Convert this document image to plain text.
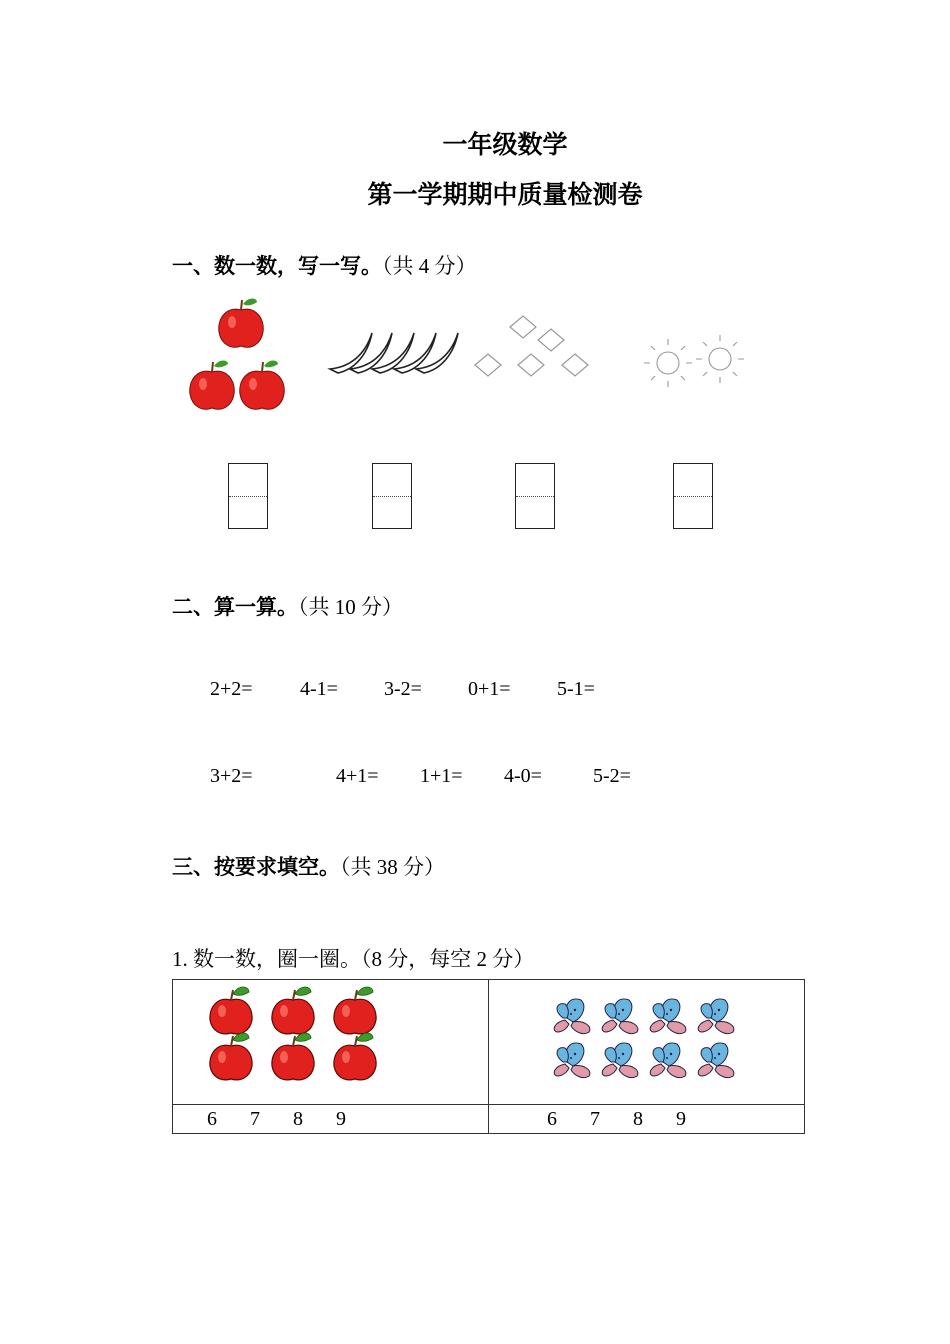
一年级数学
第一学期期中质量检测卷
一、数一数，写一写。（共 4 分）
二、算一算。（共 10 分）
2+2= 4-1= 3-2= 0+1= 5-1=
3+2=	4+1= 1+1= 4-0=	5-2=
三、按要求填空。（共 38 分）
1. 数一数，圈一圈。（8 分，每空 2 分）

6 7 8 9	6 7 8 9
